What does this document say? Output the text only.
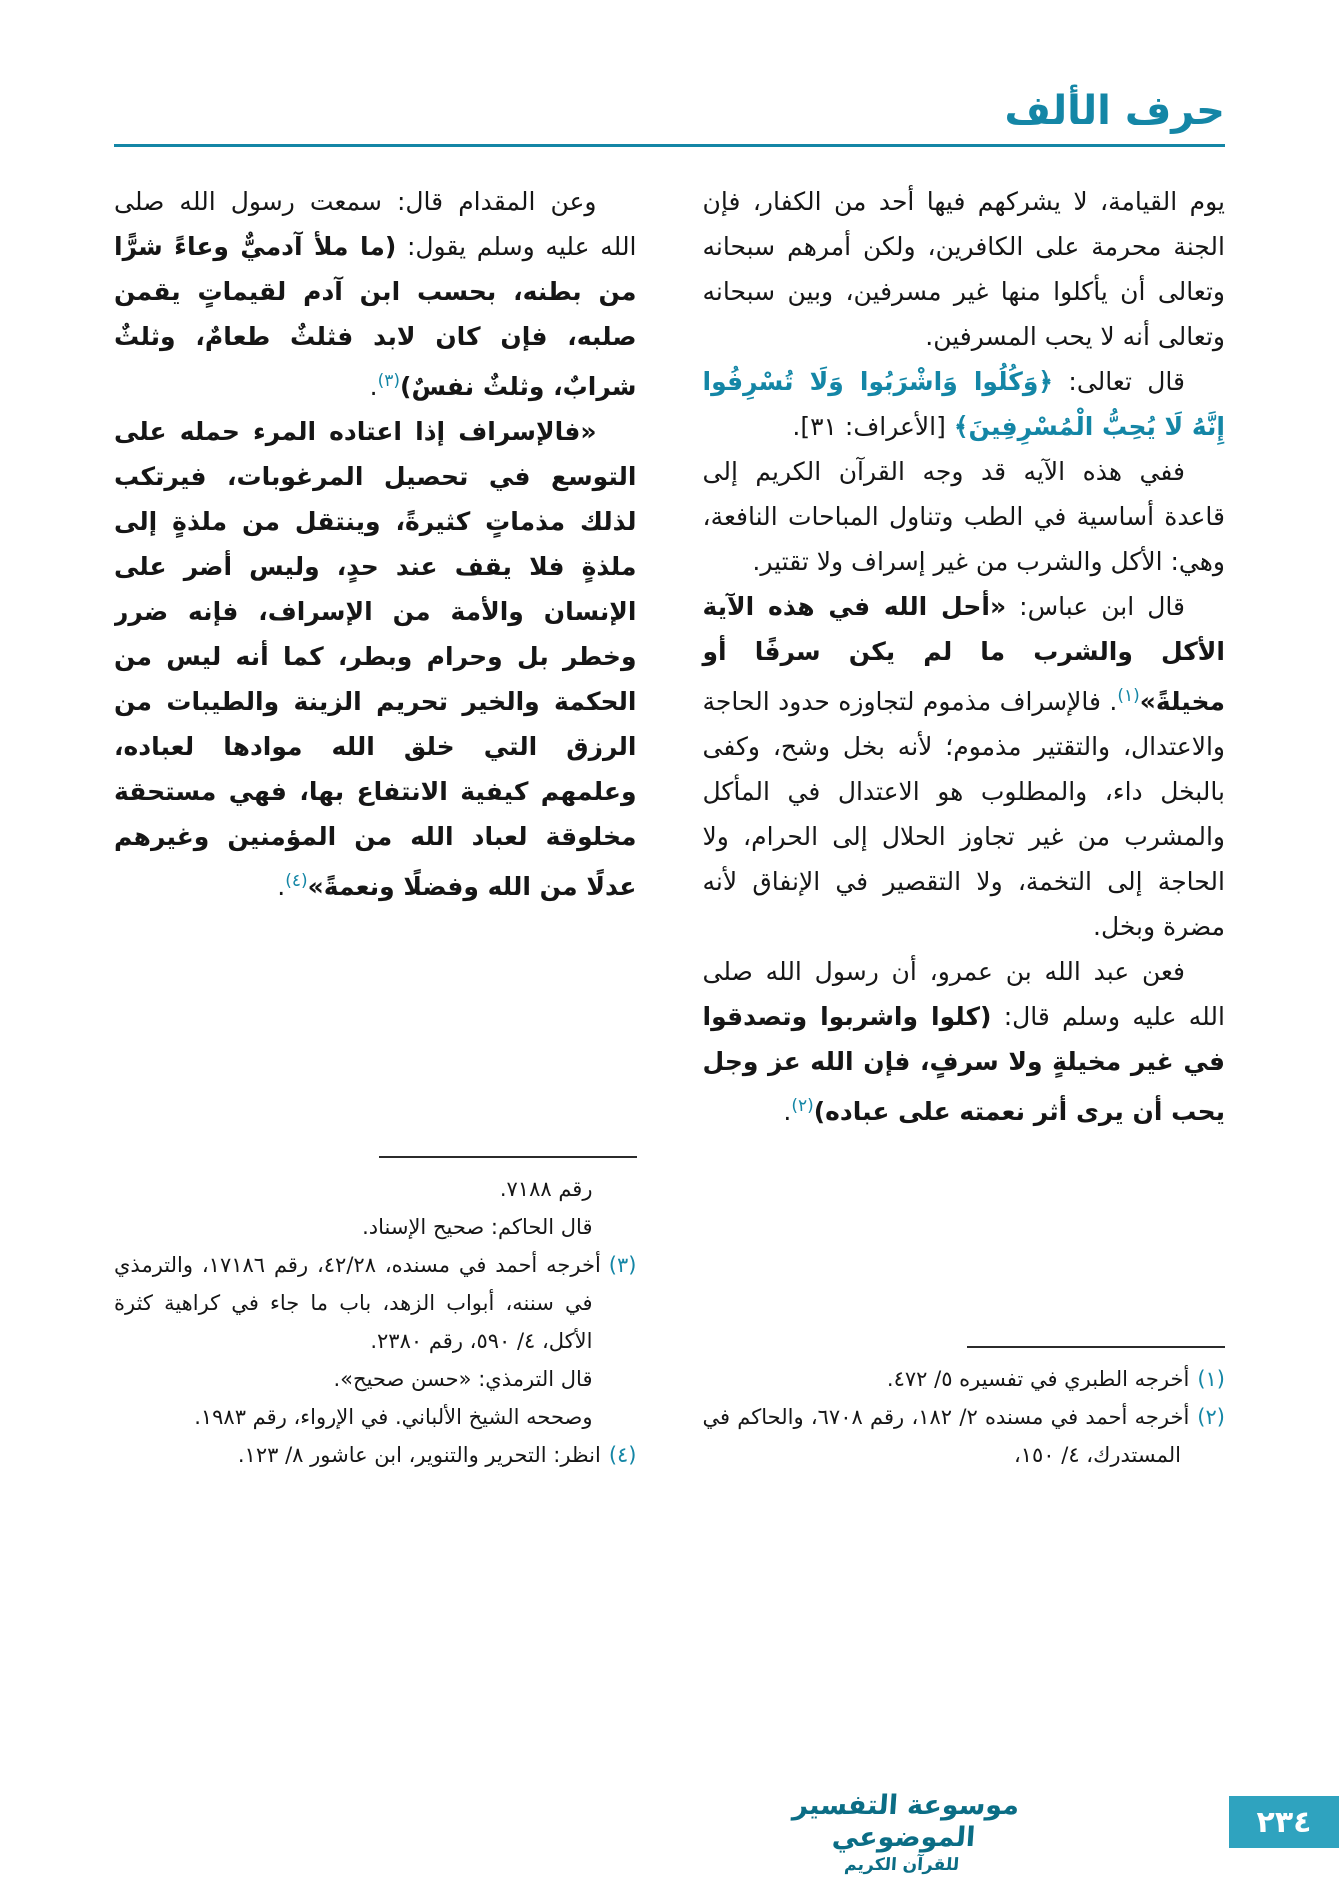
حرف الألف

يوم القيامة، لا يشركهم فيها أحد من الكفار، فإن الجنة محرمة على الكافرين، ولكن أمرهم سبحانه وتعالى أن يأكلوا منها غير مسرفين، وبين سبحانه وتعالى أنه لا يحب المسرفين.

قال تعالى: ﴿وَكُلُوا وَاشْرَبُوا وَلَا تُسْرِفُوا إِنَّهُ لَا يُحِبُّ الْمُسْرِفِينَ﴾ [الأعراف: ٣١].

ففي هذه الآيه قد وجه القرآن الكريم إلى قاعدة أساسية في الطب وتناول المباحات النافعة، وهي: الأكل والشرب من غير إسراف ولا تقتير.

قال ابن عباس: «أحل الله في هذه الآية الأكل والشرب ما لم يكن سرفًا أو مخيلةً»$^{(١)}$. فالإسراف مذموم لتجاوزه حدود الحاجة والاعتدال، والتقتير مذموم؛ لأنه بخل وشح، وكفى بالبخل داء، والمطلوب هو الاعتدال في المأكل والمشرب من غير تجاوز الحلال إلى الحرام، ولا الحاجة إلى التخمة، ولا التقصير في الإنفاق لأنه مضرة وبخل.

فعن عبد الله بن عمرو، أن رسول الله صلى الله عليه وسلم قال: (كلوا واشربوا وتصدقوا في غير مخيلةٍ ولا سرفٍ، فإن الله عز وجل يحب أن يرى أثر نعمته على عباده)$^{(٢)}$.

(١)أخرجه الطبري في تفسيره ٥/ ٤٧٢.
(٢)أخرجه أحمد في مسنده ٢/ ١٨٢، رقم ٦٧٠٨، والحاكم في المستدرك، ٤/ ١٥٠،

وعن المقدام قال: سمعت رسول الله صلى الله عليه وسلم يقول: (ما ملأ آدميٌّ وعاءً شرًّا من بطنه، بحسب ابن آدم لقيماتٍ يقمن صلبه، فإن كان لابد فثلثٌ طعامٌ، وثلثٌ شرابٌ، وثلثٌ نفسٌ)$^{(٣)}$.

«فالإسراف إذا اعتاده المرء حمله على التوسع في تحصيل المرغوبات، فيرتكب لذلك مذماتٍ كثيرةً، وينتقل من ملذةٍ إلى ملذةٍ فلا يقف عند حدٍ، وليس أضر على الإنسان والأمة من الإسراف، فإنه ضرر وخطر بل وحرام وبطر، كما أنه ليس من الحكمة والخير تحريم الزينة والطيبات من الرزق التي خلق الله موادها لعباده، وعلمهم كيفية الانتفاع بها، فهي مستحقة مخلوقة لعباد الله من المؤمنين وغيرهم عدلًا من الله وفضلًا ونعمةً»$^{(٤)}$.

رقم ٧١٨٨.
قال الحاكم: صحيح الإسناد.
(٣)أخرجه أحمد في مسنده، ٤٢/٢٨، رقم ١٧١٨٦، والترمذي في سننه، أبواب الزهد، باب ما جاء في كراهية كثرة الأكل، ٤/ ٥٩٠، رقم ٢٣٨٠.
قال الترمذي: «حسن صحيح».
وصححه الشيخ الألباني. في الإرواء، رقم ١٩٨٣.
(٤)انظر: التحرير والتنوير، ابن عاشور ٨/ ١٢٣.
موسوعة التفسير الموضوعي
للقرآن الكريم
٢٣٤
